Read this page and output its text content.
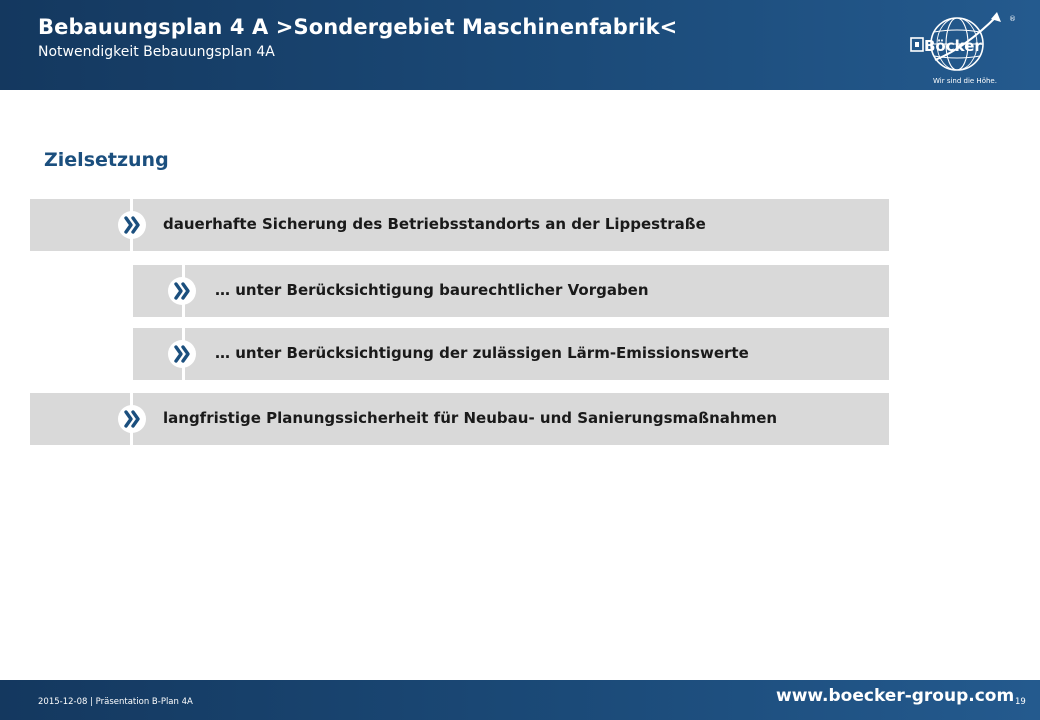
Bebauungsplan 4 A >Sondergebiet Maschinenfabrik<
Notwendigkeit Bebauungsplan 4A
®
Böcker
Wir sind die Höhe.
Zielsetzung
dauerhafte Sicherung des Betriebsstandorts an der Lippestraße
… unter Berücksichtigung baurechtlicher Vorgaben
… unter Berücksichtigung der zulässigen Lärm-Emissionswerte
langfristige Planungssicherheit für Neubau- und Sanierungsmaßnahmen
2015-12-08 | Präsentation B-Plan 4A	www.boecker-group.com 19
